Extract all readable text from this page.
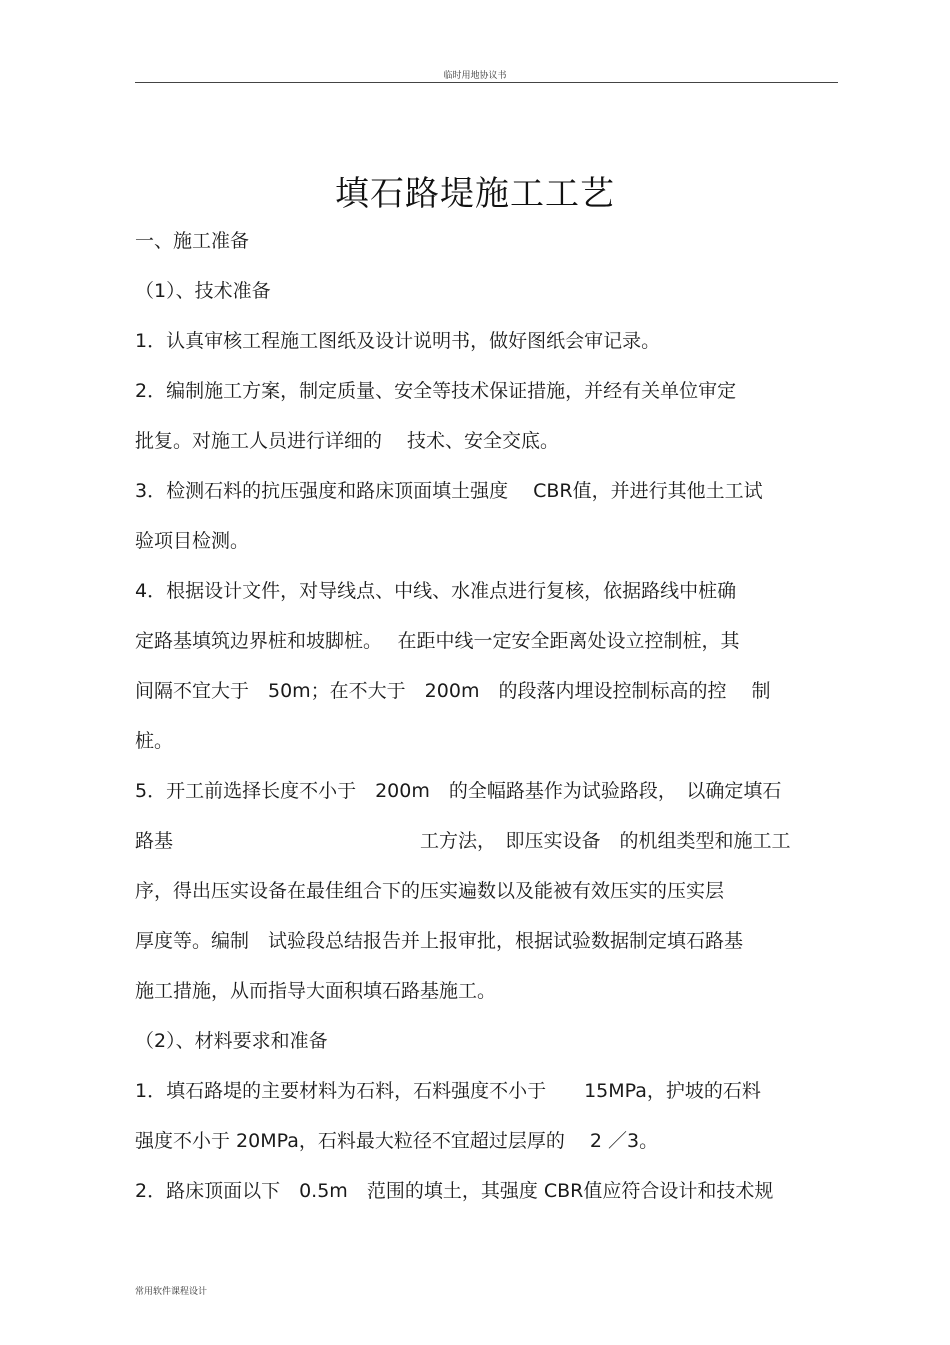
临时用地协议书
填石路堤施工工艺
一、施工准备
（1）、技术准备
1．认真审核工程施工图纸及设计说明书，做好图纸会审记录。
2．编制施工方案，制定质量、安全等技术保证措施，并经有关单位审定
批复。对施工人员进行详细的　 技术、安全交底。
3．检测石料的抗压强度和路床顶面填土强度　 CBR值，并进行其他土工试
验项目检测。
4．根据设计文件，对导线点、中线、水准点进行复核，依据路线中桩确
定路基填筑边界桩和坡脚桩。　 在距中线一定安全距离处设立控制桩，其
间隔不宜大于　50m；在不大于　200m　的段落内埋设控制标高的控　 制
桩。
5．开工前选择长度不小于　200m　的全幅路基作为试验路段，　以确定填石
路基　　　　　　　　　　　　　工方法，　即压实设备　的机组类型和施工工
序，得出压实设备在最佳组合下的压实遍数以及能被有效压实的压实层
厚度等。编制　试验段总结报告并上报审批，根据试验数据制定填石路基
施工措施，从而指导大面积填石路基施工。
（2）、材料要求和准备
1．填石路堤的主要材料为石料，石料强度不小于　　15MPa，护坡的石料
强度不小于 20MPa，石料最大粒径不宜超过层厚的　 2 ／3。
2．路床顶面以下　0.5m　范围的填土，其强度 CBR值应符合设计和技术规
常用软件课程设计
